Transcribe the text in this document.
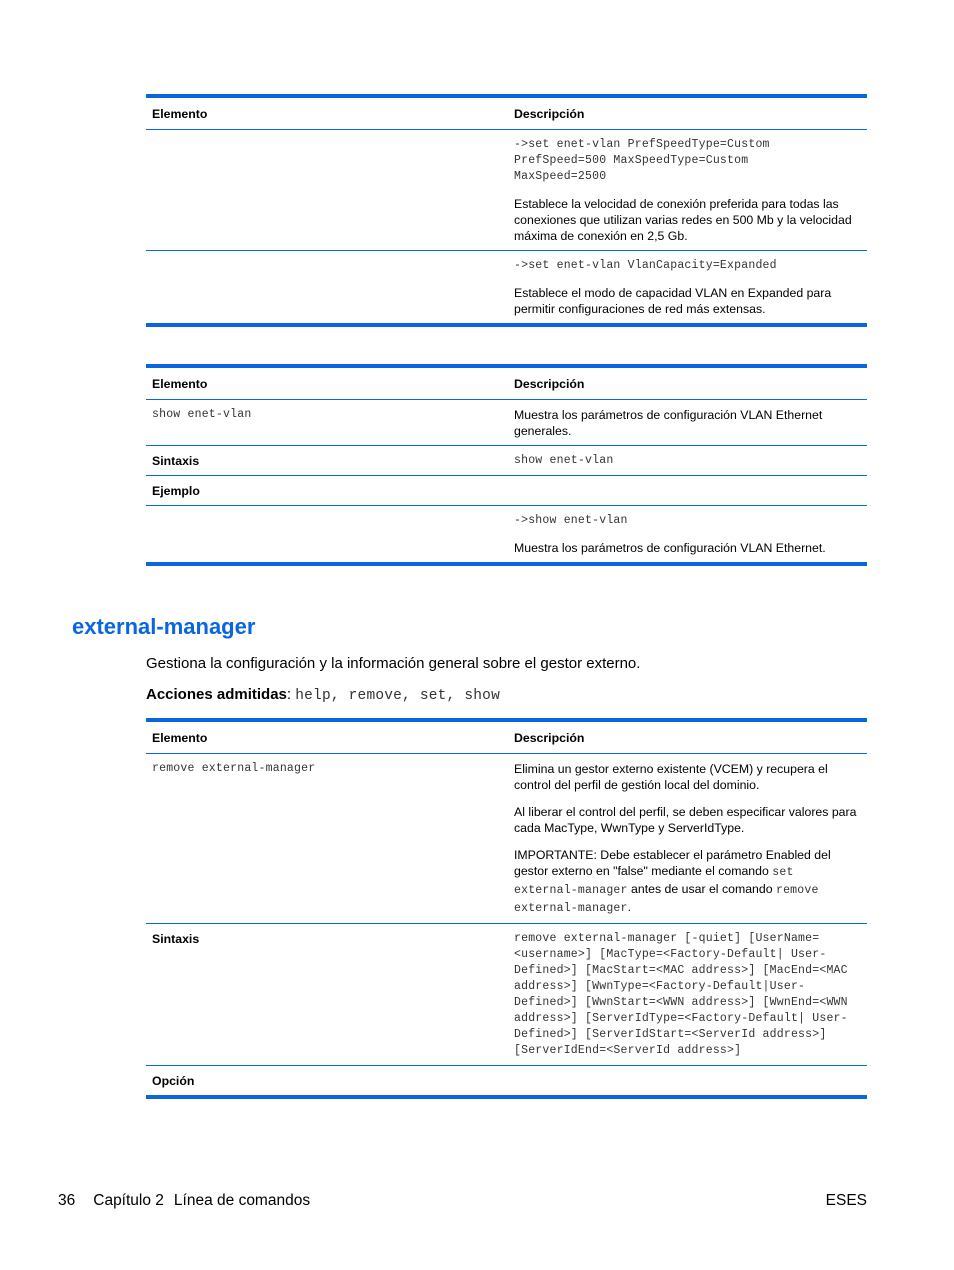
Elemento	Descripción

	->set enet-vlan PrefSpeedType=Custom PrefSpeed=500 MaxSpeedType=Custom MaxSpeed=2500

Establece la velocidad de conexión preferida para todas las conexiones que utilizan varias redes en 500 Mb y la velocidad máxima de conexión en 2,5 Gb.

	->set enet-vlan VlanCapacity=Expanded

Establece el modo de capacidad VLAN en Expanded para permitir configuraciones de red más extensas.

Elemento	Descripción
show enet-vlan	Muestra los parámetros de configuración VLAN Ethernet generales.
Sintaxis	show enet-vlan
Ejemplo	

	->show enet-vlan

Muestra los parámetros de configuración VLAN Ethernet.

external-manager

Gestiona la configuración y la información general sobre el gestor externo.

Acciones admitidas: help, remove, set, show

Elemento	Descripción
remove external-manager	Elimina un gestor externo existente (VCEM) y recupera el control del perfil de gestión local del dominio.

Al liberar el control del perfil, se deben especificar valores para cada MacType, WwnType y ServerIdType.

IMPORTANTE: Debe establecer el parámetro Enabled del gestor externo en "false" mediante el comando set external-manager antes de usar el comando remove external-manager.

Sintaxis	remove external-manager [-quiet] [UserName=<username>] [MacType=<Factory-Default| User-Defined>] [MacStart=<MAC address>] [MacEnd=<MAC address>] [WwnType=<Factory-Default|User-Defined>] [WwnStart=<WWN address>] [WwnEnd=<WWN address>] [ServerIdType=<Factory-Default| User-Defined>] [ServerIdStart=<ServerId address>] [ServerIdEnd=<ServerId address>]
Opción	
36 Capítulo 2 Línea de comandos	ESES
